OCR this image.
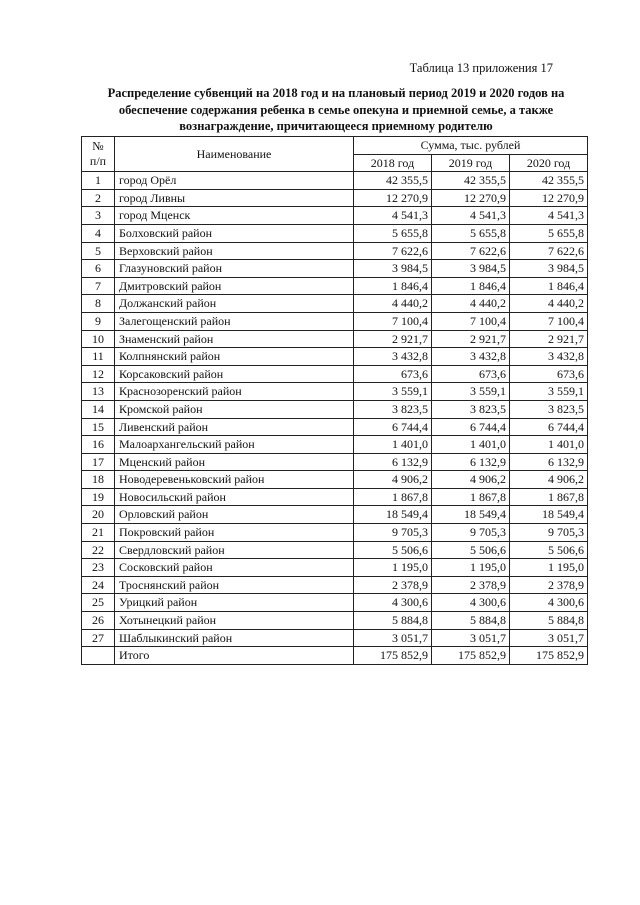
Таблица 13 приложения 17
Распределение субвенций на 2018 год и на плановый период 2019 и 2020 годов на
обеспечение содержания ребенка в семье опекуна и приемной семье, а также
вознаграждение, причитающееся приемному родителю
№
п/п	Наименование	Сумма, тыс. рублей		
		2018 год	2019 год	2020 год
1	город Орёл	42 355,5	42 355,5	42 355,5
2	город Ливны	12 270,9	12 270,9	12 270,9
3	город Мценск	4 541,3	4 541,3	4 541,3
4	Болховский район	5 655,8	5 655,8	5 655,8
5	Верховский район	7 622,6	7 622,6	7 622,6
6	Глазуновский район	3 984,5	3 984,5	3 984,5
7	Дмитровский район	1 846,4	1 846,4	1 846,4
8	Должанский район	4 440,2	4 440,2	4 440,2
9	Залегощенский район	7 100,4	7 100,4	7 100,4
10	Знаменский район	2 921,7	2 921,7	2 921,7
11	Колпнянский район	3 432,8	3 432,8	3 432,8
12	Корсаковский район	673,6	673,6	673,6
13	Краснозоренский район	3 559,1	3 559,1	3 559,1
14	Кромской район	3 823,5	3 823,5	3 823,5
15	Ливенский район	6 744,4	6 744,4	6 744,4
16	Малоархангельский район	1 401,0	1 401,0	1 401,0
17	Мценский район	6 132,9	6 132,9	6 132,9
18	Новодеревеньковский район	4 906,2	4 906,2	4 906,2
19	Новосильский район	1 867,8	1 867,8	1 867,8
20	Орловский район	18 549,4	18 549,4	18 549,4
21	Покровский район	9 705,3	9 705,3	9 705,3
22	Свердловский район	5 506,6	5 506,6	5 506,6
23	Сосковский район	1 195,0	1 195,0	1 195,0
24	Троснянский район	2 378,9	2 378,9	2 378,9
25	Урицкий район	4 300,6	4 300,6	4 300,6
26	Хотынецкий район	5 884,8	5 884,8	5 884,8
27	Шаблыкинский район	3 051,7	3 051,7	3 051,7
	Итого	175 852,9	175 852,9	175 852,9
